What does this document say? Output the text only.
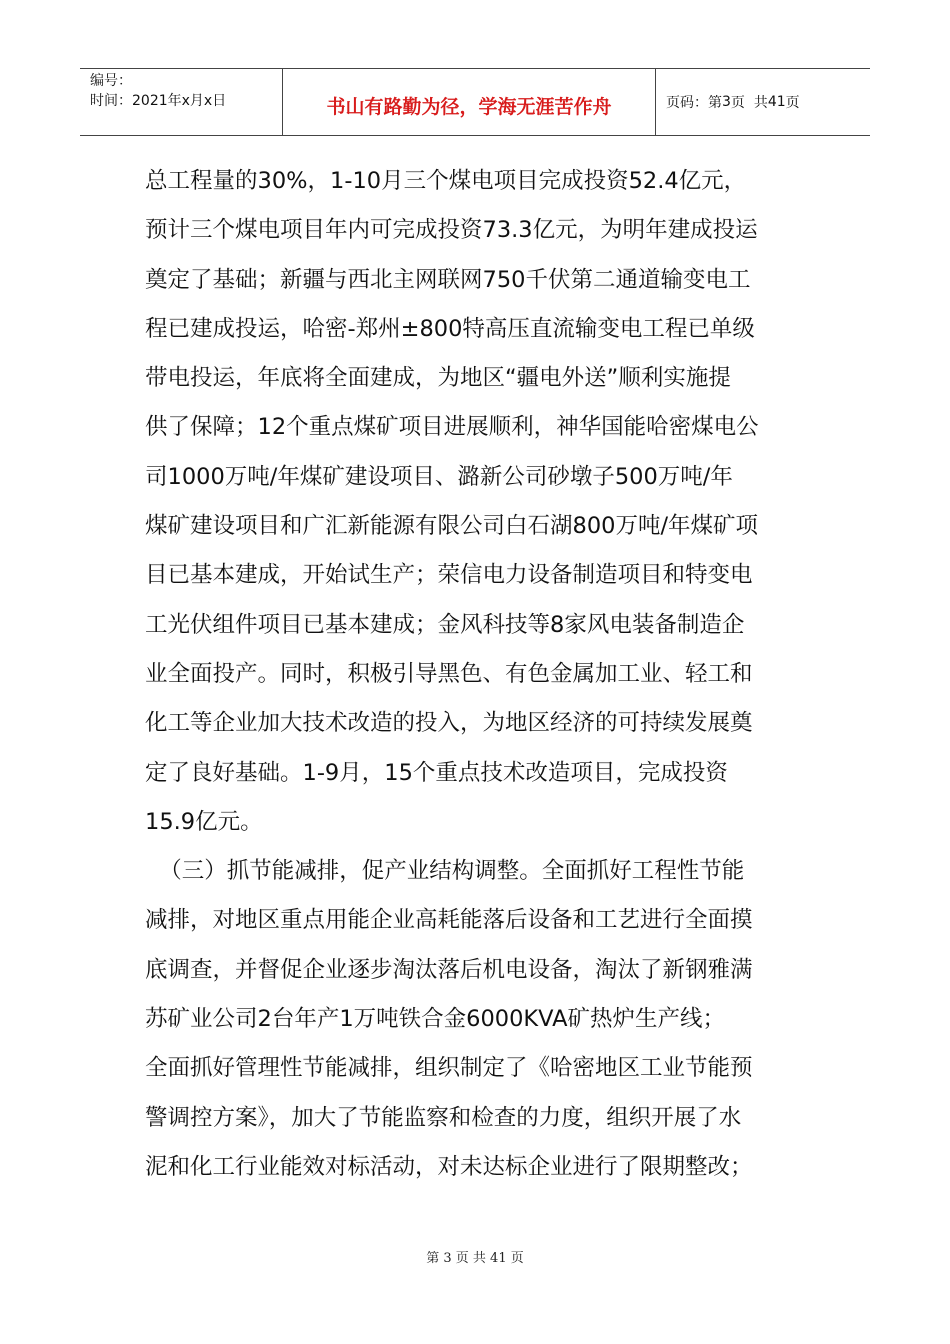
编号：
时间：2021年x月x日	书山有路勤为径，学海无涯苦作舟	页码：第 3 页  共 41 页

总工程量的30%，1-10月三个煤电项目完成投资52.4亿元，

预计三个煤电项目年内可完成投资73.3亿元，为明年建成投运

奠定了基础；新疆与西北主网联网750千伏第二通道输变电工

程已建成投运，哈密-郑州±800特高压直流输变电工程已单级

带电投运，年底将全面建成，为地区“疆电外送”顺利实施提

供了保障；12个重点煤矿项目进展顺利，神华国能哈密煤电公

司1000万吨/年煤矿建设项目、潞新公司砂墩子500万吨/年

煤矿建设项目和广汇新能源有限公司白石湖800万吨/年煤矿项

目已基本建成，开始试生产；荣信电力设备制造项目和特变电

工光伏组件项目已基本建成；金风科技等8家风电装备制造企

业全面投产。同时，积极引导黑色、有色金属加工业、轻工和

化工等企业加大技术改造的投入，为地区经济的可持续发展奠

定了良好基础。1-9月，15个重点技术改造项目，完成投资

15.9亿元。

（三）抓节能减排，促产业结构调整。全面抓好工程性节能

减排，对地区重点用能企业高耗能落后设备和工艺进行全面摸

底调查，并督促企业逐步淘汰落后机电设备，淘汰了新钢雅满

苏矿业公司2台年产1万吨铁合金6000KVA矿热炉生产线；

全面抓好管理性节能减排，组织制定了《哈密地区工业节能预

警调控方案》，加大了节能监察和检查的力度，组织开展了水

泥和化工行业能效对标活动，对未达标企业进行了限期整改；

第 3 页 共 41 页
